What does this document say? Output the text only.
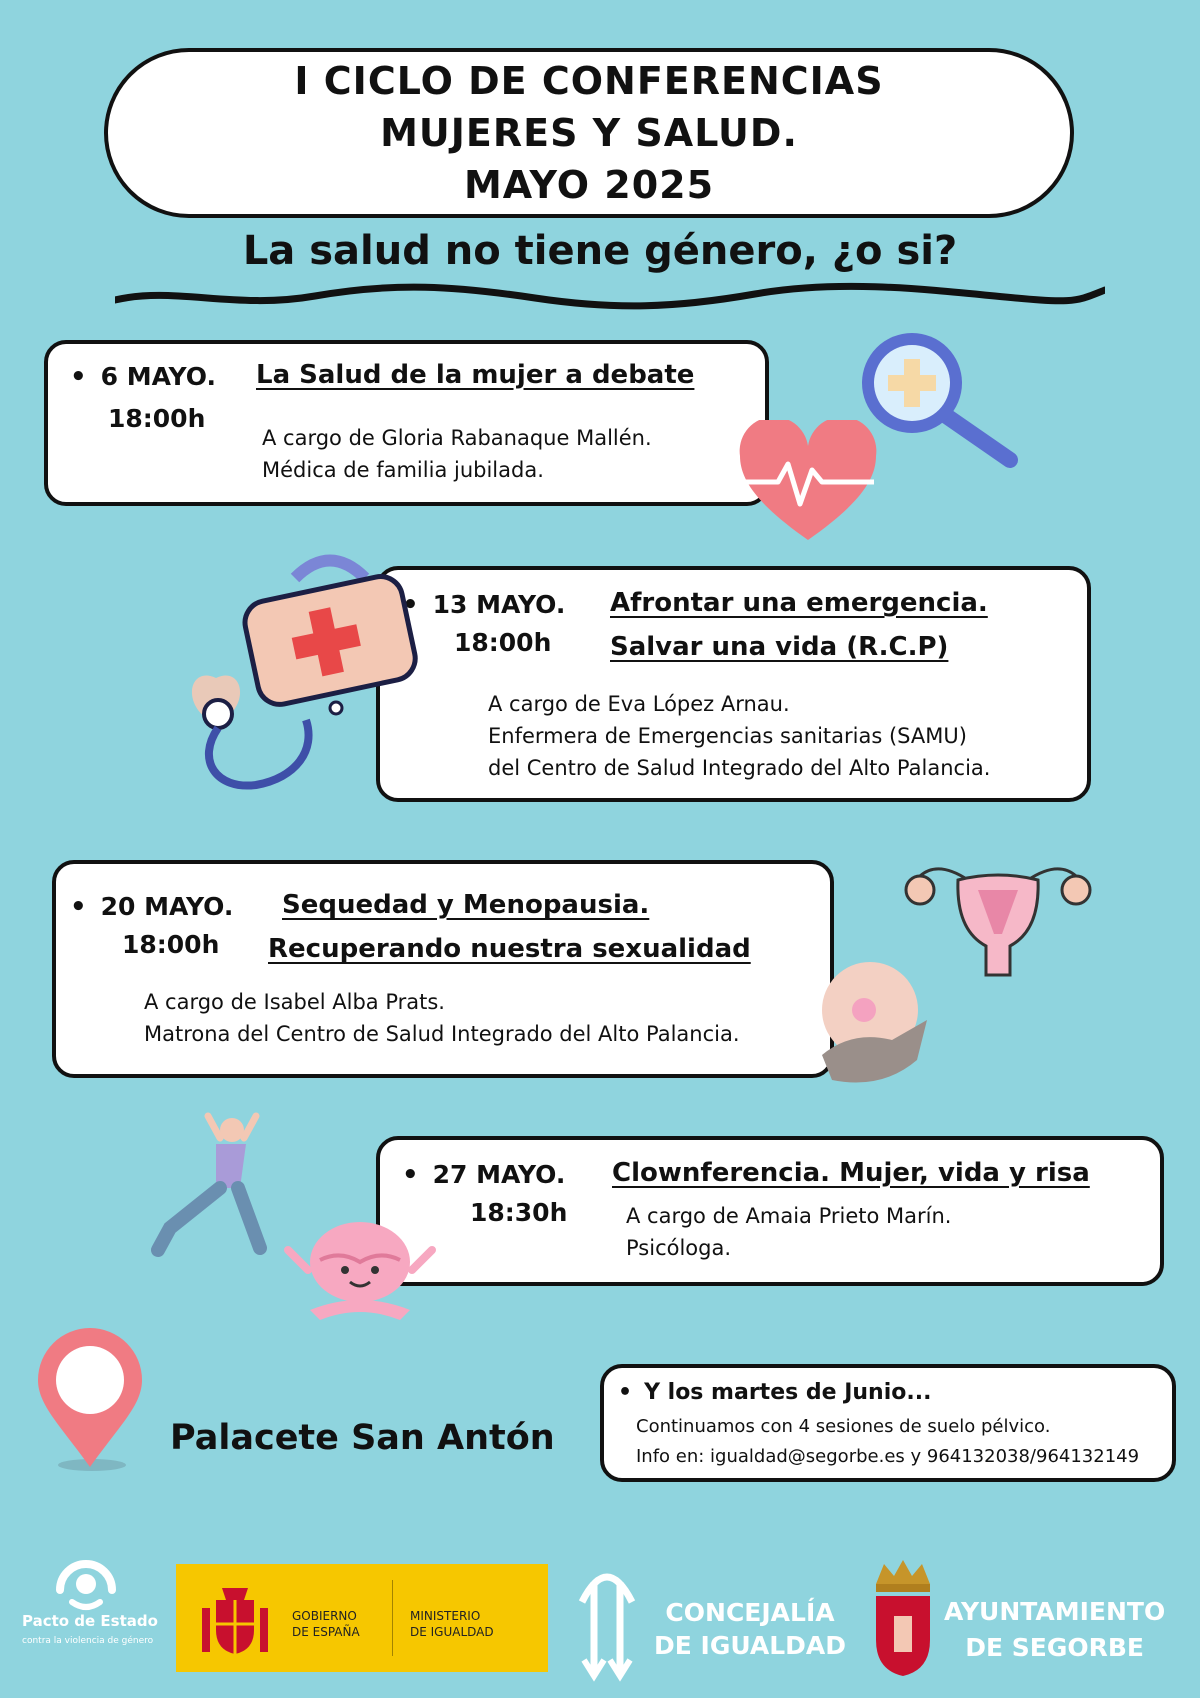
I CICLO DE CONFERENCIAS
MUJERES Y SALUD.
MAYO 2025
La salud no tiene género, ¿o si?
• 6 MAYO.
18:00h
La Salud de la mujer a debate
A cargo de Gloria Rabanaque Mallén.
Médica de familia jubilada.
• 13 MAYO.
18:00h
Afrontar una emergencia.
Salvar una vida (R.C.P)
A cargo de Eva López Arnau.
Enfermera de Emergencias sanitarias (SAMU)
del Centro de Salud Integrado del Alto Palancia.
• 20 MAYO.
18:00h
Sequedad y Menopausia.
Recuperando nuestra sexualidad
A cargo de Isabel Alba Prats.
Matrona del Centro de Salud Integrado del Alto Palancia.
• 27 MAYO.
18:30h
Clownferencia. Mujer, vida y risa
A cargo de Amaia Prieto Marín.
Psicóloga.
• Y los martes de Junio...
Continuamos con 4 sesiones de suelo pélvico.
Info en: igualdad@segorbe.es y 964132038/964132149
Palacete San Antón
Pacto de Estado
contra la violencia de género
GOBIERNO
DE ESPAÑA
MINISTERIO
DE IGUALDAD
CONCEJALÍA
DE IGUALDAD
AYUNTAMIENTO
DE SEGORBE
